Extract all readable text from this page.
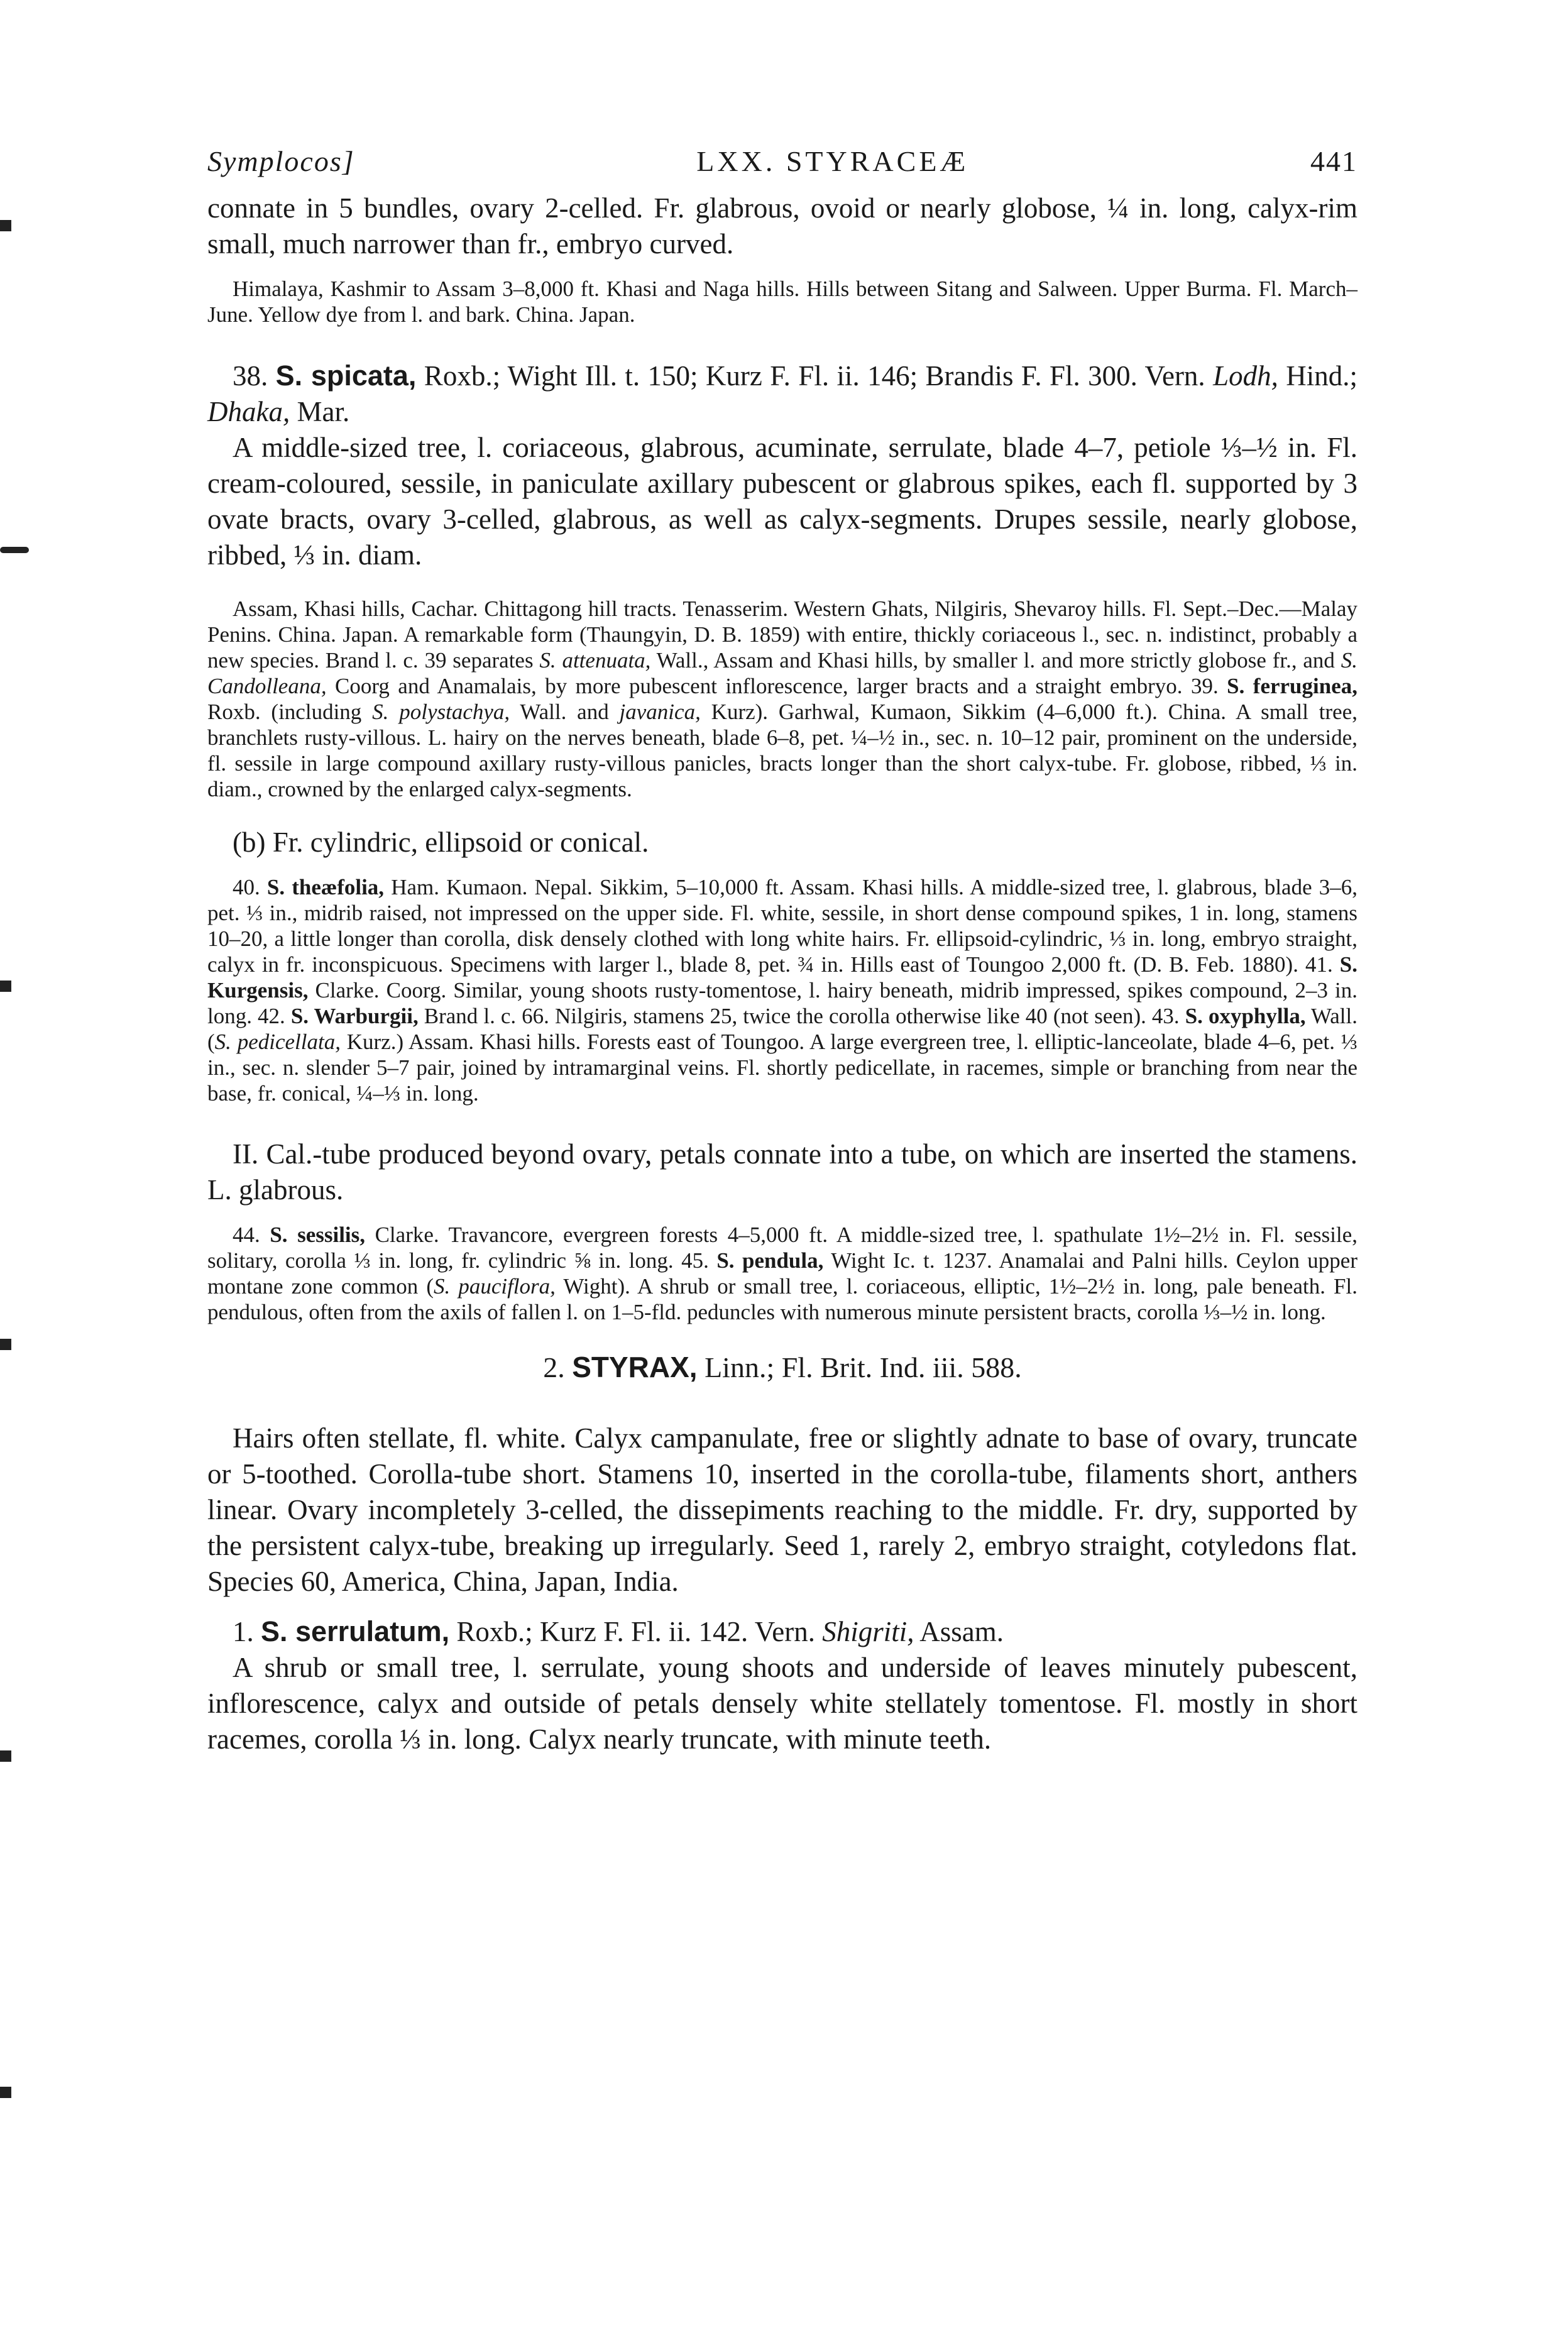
Symplocos]	LXX. STYRACEÆ	441

connate in 5 bundles, ovary 2-celled. Fr. glabrous, ovoid or nearly globose, ¼ in. long, calyx-rim small, much narrower than fr., embryo curved.

Himalaya, Kashmir to Assam 3–8,000 ft. Khasi and Naga hills. Hills between Sitang and Salween. Upper Burma. Fl. March–June. Yellow dye from l. and bark. China. Japan.

38. S. spicata, Roxb.; Wight Ill. t. 150; Kurz F. Fl. ii. 146; Brandis F. Fl. 300. Vern. Lodh, Hind.; Dhaka, Mar.

A middle-sized tree, l. coriaceous, glabrous, acuminate, serrulate, blade 4–7, petiole ⅓–½ in. Fl. cream-coloured, sessile, in paniculate axillary pubescent or glabrous spikes, each fl. supported by 3 ovate bracts, ovary 3-celled, glabrous, as well as calyx-segments. Drupes sessile, nearly globose, ribbed, ⅓ in. diam.

Assam, Khasi hills, Cachar. Chittagong hill tracts. Tenasserim. Western Ghats, Nilgiris, Shevaroy hills. Fl. Sept.–Dec.—Malay Penins. China. Japan. A remarkable form (Thaungyin, D. B. 1859) with entire, thickly coriaceous l., sec. n. indistinct, probably a new species. Brand l. c. 39 separates S. attenuata, Wall., Assam and Khasi hills, by smaller l. and more strictly globose fr., and S. Candolleana, Coorg and Anamalais, by more pubescent inflorescence, larger bracts and a straight embryo. 39. S. ferruginea, Roxb. (including S. polystachya, Wall. and javanica, Kurz). Garhwal, Kumaon, Sikkim (4–6,000 ft.). China. A small tree, branchlets rusty-villous. L. hairy on the nerves beneath, blade 6–8, pet. ¼–½ in., sec. n. 10–12 pair, prominent on the underside, fl. sessile in large compound axillary rusty-villous panicles, bracts longer than the short calyx-tube. Fr. globose, ribbed, ⅓ in. diam., crowned by the enlarged calyx-segments.

(b) Fr. cylindric, ellipsoid or conical.

40. S. theæfolia, Ham. Kumaon. Nepal. Sikkim, 5–10,000 ft. Assam. Khasi hills. A middle-sized tree, l. glabrous, blade 3–6, pet. ⅓ in., midrib raised, not impressed on the upper side. Fl. white, sessile, in short dense compound spikes, 1 in. long, stamens 10–20, a little longer than corolla, disk densely clothed with long white hairs. Fr. ellipsoid-cylindric, ⅓ in. long, embryo straight, calyx in fr. inconspicuous. Specimens with larger l., blade 8, pet. ¾ in. Hills east of Toungoo 2,000 ft. (D. B. Feb. 1880). 41. S. Kurgensis, Clarke. Coorg. Similar, young shoots rusty-tomentose, l. hairy beneath, midrib impressed, spikes compound, 2–3 in. long. 42. S. Warburgii, Brand l. c. 66. Nilgiris, stamens 25, twice the corolla otherwise like 40 (not seen). 43. S. oxyphylla, Wall. (S. pedicellata, Kurz.) Assam. Khasi hills. Forests east of Toungoo. A large evergreen tree, l. elliptic-lanceolate, blade 4–6, pet. ⅓ in., sec. n. slender 5–7 pair, joined by intramarginal veins. Fl. shortly pedicellate, in racemes, simple or branching from near the base, fr. conical, ¼–⅓ in. long.

II. Cal.-tube produced beyond ovary, petals connate into a tube, on which are inserted the stamens. L. glabrous.

44. S. sessilis, Clarke. Travancore, evergreen forests 4–5,000 ft. A middle-sized tree, l. spathulate 1½–2½ in. Fl. sessile, solitary, corolla ⅓ in. long, fr. cylindric ⅝ in. long. 45. S. pendula, Wight Ic. t. 1237. Anamalai and Palni hills. Ceylon upper montane zone common (S. pauciflora, Wight). A shrub or small tree, l. coriaceous, elliptic, 1½–2½ in. long, pale beneath. Fl. pendulous, often from the axils of fallen l. on 1–5-fld. peduncles with numerous minute persistent bracts, corolla ⅓–½ in. long.

2. STYRAX, Linn.; Fl. Brit. Ind. iii. 588.

Hairs often stellate, fl. white. Calyx campanulate, free or slightly adnate to base of ovary, truncate or 5-toothed. Corolla-tube short. Stamens 10, inserted in the corolla-tube, filaments short, anthers linear. Ovary incompletely 3-celled, the dissepiments reaching to the middle. Fr. dry, supported by the persistent calyx-tube, breaking up irregularly. Seed 1, rarely 2, embryo straight, cotyledons flat. Species 60, America, China, Japan, India.

1. S. serrulatum, Roxb.; Kurz F. Fl. ii. 142. Vern. Shigriti, Assam.

A shrub or small tree, l. serrulate, young shoots and underside of leaves minutely pubescent, inflorescence, calyx and outside of petals densely white stellately tomentose. Fl. mostly in short racemes, corolla ⅓ in. long. Calyx nearly truncate, with minute teeth.
